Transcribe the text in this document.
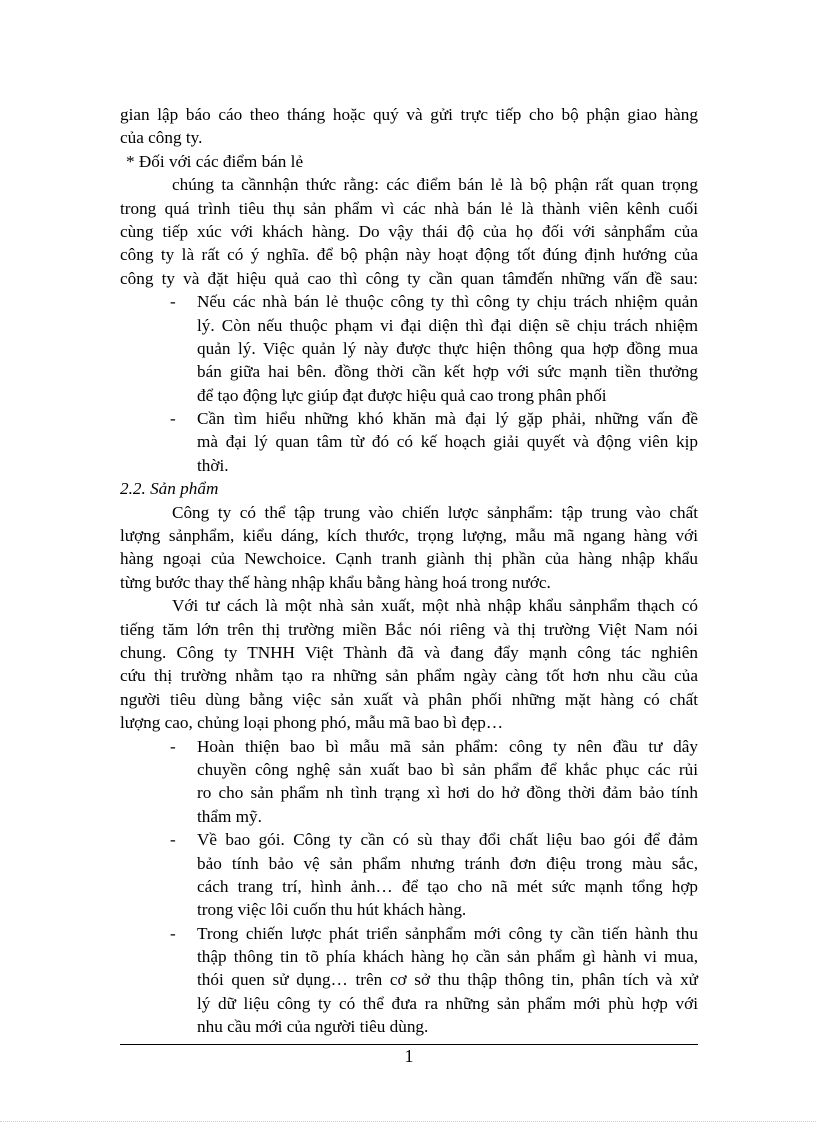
gian lập báo cáo theo tháng hoặc quý và gửi trực tiếp cho bộ phận giao hàng
của công ty.
* Đối với các điểm bán lẻ
chúng ta cầnnhận thức rằng: các điểm bán lẻ là bộ phận rất quan trọng
trong quá trình tiêu thụ sản phẩm vì các nhà bán lẻ là thành viên kênh cuối
cùng tiếp xúc với khách hàng. Do vậy thái độ của họ đối với sảnphẩm của
công ty là rất có ý nghĩa. để bộ phận này hoạt động tốt đúng định hướng của
công ty và đặt hiệu quả cao thì công ty cần quan tâmđến những vấn đề sau:
- Nếu các nhà bán lẻ thuộc công ty thì công ty chịu trách nhiệm quản
lý. Còn nếu thuộc phạm vi đại diện thì đại diện sẽ chịu trách nhiệm
quản lý. Việc quản lý này được thực hiện thông qua hợp đồng mua
bán giữa hai bên. đồng thời cần kết hợp với sức mạnh tiền thưởng
để tạo động lực giúp đạt được hiệu quả cao trong phân phối
- Cần tìm hiểu những khó khăn mà đại lý gặp phải, những vấn đề
mà đại lý quan tâm từ đó có kế hoạch giải quyết và động viên kịp
thời.
2.2. Sản phẩm
Công ty có thể tập trung vào chiến lược sảnphẩm: tập trung vào chất
lượng sảnphẩm, kiểu dáng, kích thước, trọng lượng, mẫu mã ngang hàng với
hàng ngoại của Newchoice. Cạnh tranh giành thị phần của hàng nhập khẩu
từng bước thay thế hàng nhập khẩu bằng hàng hoá trong nước.
Với tư cách là một nhà sản xuất, một nhà nhập khẩu sảnphẩm thạch có
tiếng tăm lớn trên thị trường miền Bắc nói riêng và thị trường Việt Nam nói
chung. Công ty TNHH Việt Thành đã và đang đẩy mạnh công tác nghiên
cứu thị trường nhằm tạo ra những sản phẩm ngày càng tốt hơn nhu cầu của
người tiêu dùng bằng việc sản xuất và phân phối những mặt hàng có chất
lượng cao, chủng loại phong phó, mẫu mã bao bì đẹp…
- Hoàn thiện bao bì mẫu mã sản phẩm: công ty nên đầu tư dây
chuyền công nghệ sản xuất bao bì sản phẩm để khắc phục các rủi
ro cho sản phẩm nh tình trạng xì hơi do hở đồng thời đảm bảo tính
thẩm mỹ.
- Về bao gói. Công ty cần có sù thay đổi chất liệu bao gói để đảm
bảo tính bảo vệ sản phẩm nhưng tránh đơn điệu trong màu sắc,
cách trang trí, hình ảnh… để tạo cho nã mét sức mạnh tổng hợp
trong việc lôi cuốn thu hút khách hàng.
- Trong chiến lược phát triển sảnphẩm mới công ty cần tiến hành thu
thập thông tin tõ phía khách hàng họ cần sản phẩm gì hành vi mua,
thói quen sử dụng… trên cơ sở thu thập thông tin, phân tích và xử
lý dữ liệu công ty có thể đưa ra những sản phẩm mới phù hợp với
nhu cầu mới của người tiêu dùng.
1
